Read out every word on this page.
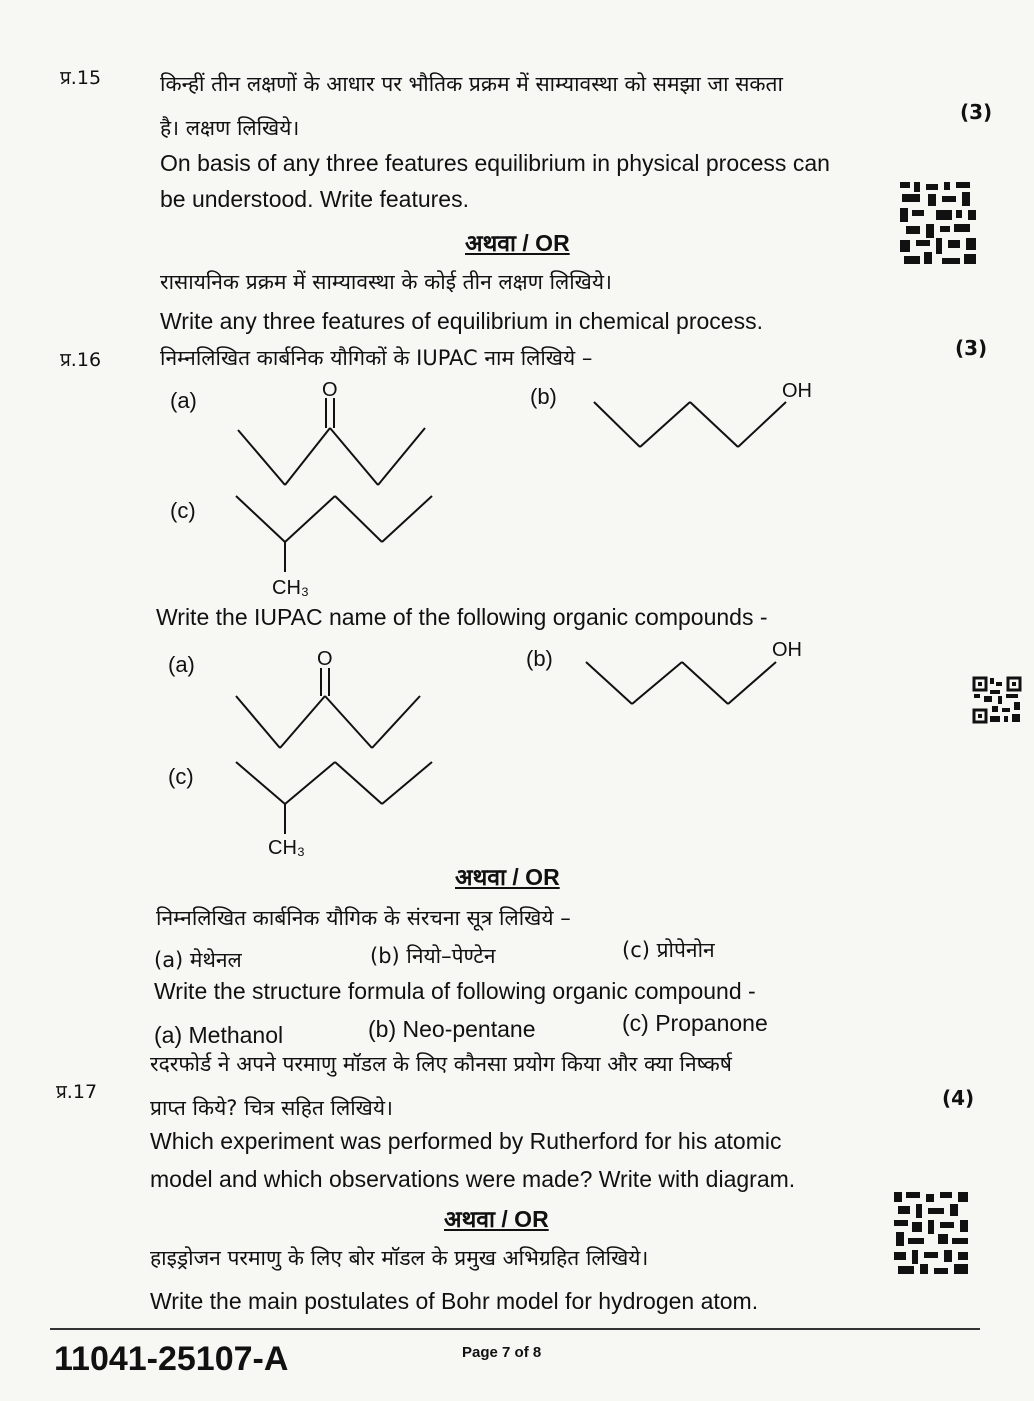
प्र.15	किन्हीं तीन लक्षणों के आधार पर भौतिक प्रक्रम में साम्यावस्था को समझा जा सकता
(3)
है। लक्षण लिखिये।
On basis of any three features equilibrium in physical process can
be understood. Write features.
अथवा / OR
रासायनिक प्रक्रम में साम्यावस्था के कोई तीन लक्षण लिखिये।
Write any three features of equilibrium in chemical process.
प्र.16	निम्नलिखित कार्बनिक यौगिकों के IUPAC नाम लिखिये –	(3)
(a)	O	(b)	OH
(c)
CH₃
Write the IUPAC name of the following organic compounds -
(a)	O	(b)	OH
(c)
CH₃
अथवा / OR
निम्नलिखित कार्बनिक यौगिक के संरचना सूत्र लिखिये –
(a) मेथेनल	(b) नियो–पेण्टेन	(c) प्रोपेनोन
Write the structure formula of following organic compound -
(a) Methanol	(b) Neo-pentane	(c) Propanone
प्र.17
रदरफोर्ड ने अपने परमाणु मॉडल के लिए कौनसा प्रयोग किया और क्या निष्कर्ष
(4)
प्राप्त किये? चित्र सहित लिखिये।
Which experiment was performed by Rutherford for his atomic
model and which observations were made? Write with diagram.
अथवा / OR
हाइड्रोजन परमाणु के लिए बोर मॉडल के प्रमुख अभिग्रहित लिखिये।
Write the main postulates of Bohr model for hydrogen atom.
11041-25107-A	Page 7 of 8
